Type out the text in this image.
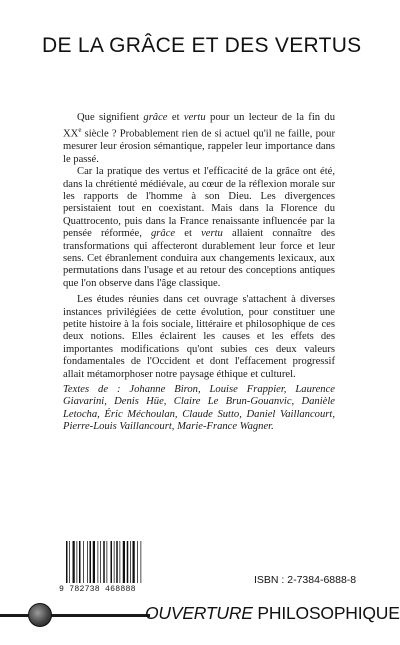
DE LA GRÂCE ET DES VERTUS

Que signifient grâce et vertu pour un lecteur de la fin du XXe siècle ? Probablement rien de si actuel qu'il ne faille, pour mesurer leur érosion sémantique, rappeler leur importance dans le passé.

Car la pratique des vertus et l'efficacité de la grâce ont été, dans la chrétienté médiévale, au cœur de la réflexion morale sur les rapports de l'homme à son Dieu. Les divergences persistaient tout en coexistant. Mais dans la Florence du Quattrocento, puis dans la France renaissante influencée par la pensée réformée, grâce et vertu allaient connaître des transformations qui affecteront durablement leur force et leur sens. Cet ébranlement conduira aux changements lexicaux, aux permutations dans l'usage et au retour des conceptions antiques que l'on observe dans l'âge classique.

Les études réunies dans cet ouvrage s'attachent à diverses instances privilégiées de cette évolution, pour constituer une petite histoire à la fois sociale, littéraire et philosophique de ces deux notions. Elles éclairent les causes et les effets des importantes modifications qu'ont subies ces deux valeurs fondamentales de l'Occident et dont l'effacement progressif allait métamorphoser notre paysage éthique et culturel.

Textes de : Johanne Biron, Louise Frappier, Laurence Giavarini, Denis Hüe, Claire Le Brun-Gouanvic, Danièle Letocha, Éric Méchoulan, Claude Sutto, Daniel Vaillancourt, Pierre-Louis Vaillancourt, Marie-France Wagner.
9 782738 468888
ISBN : 2-7384-6888-8
OUVERTURE PHILOSOPHIQUE
